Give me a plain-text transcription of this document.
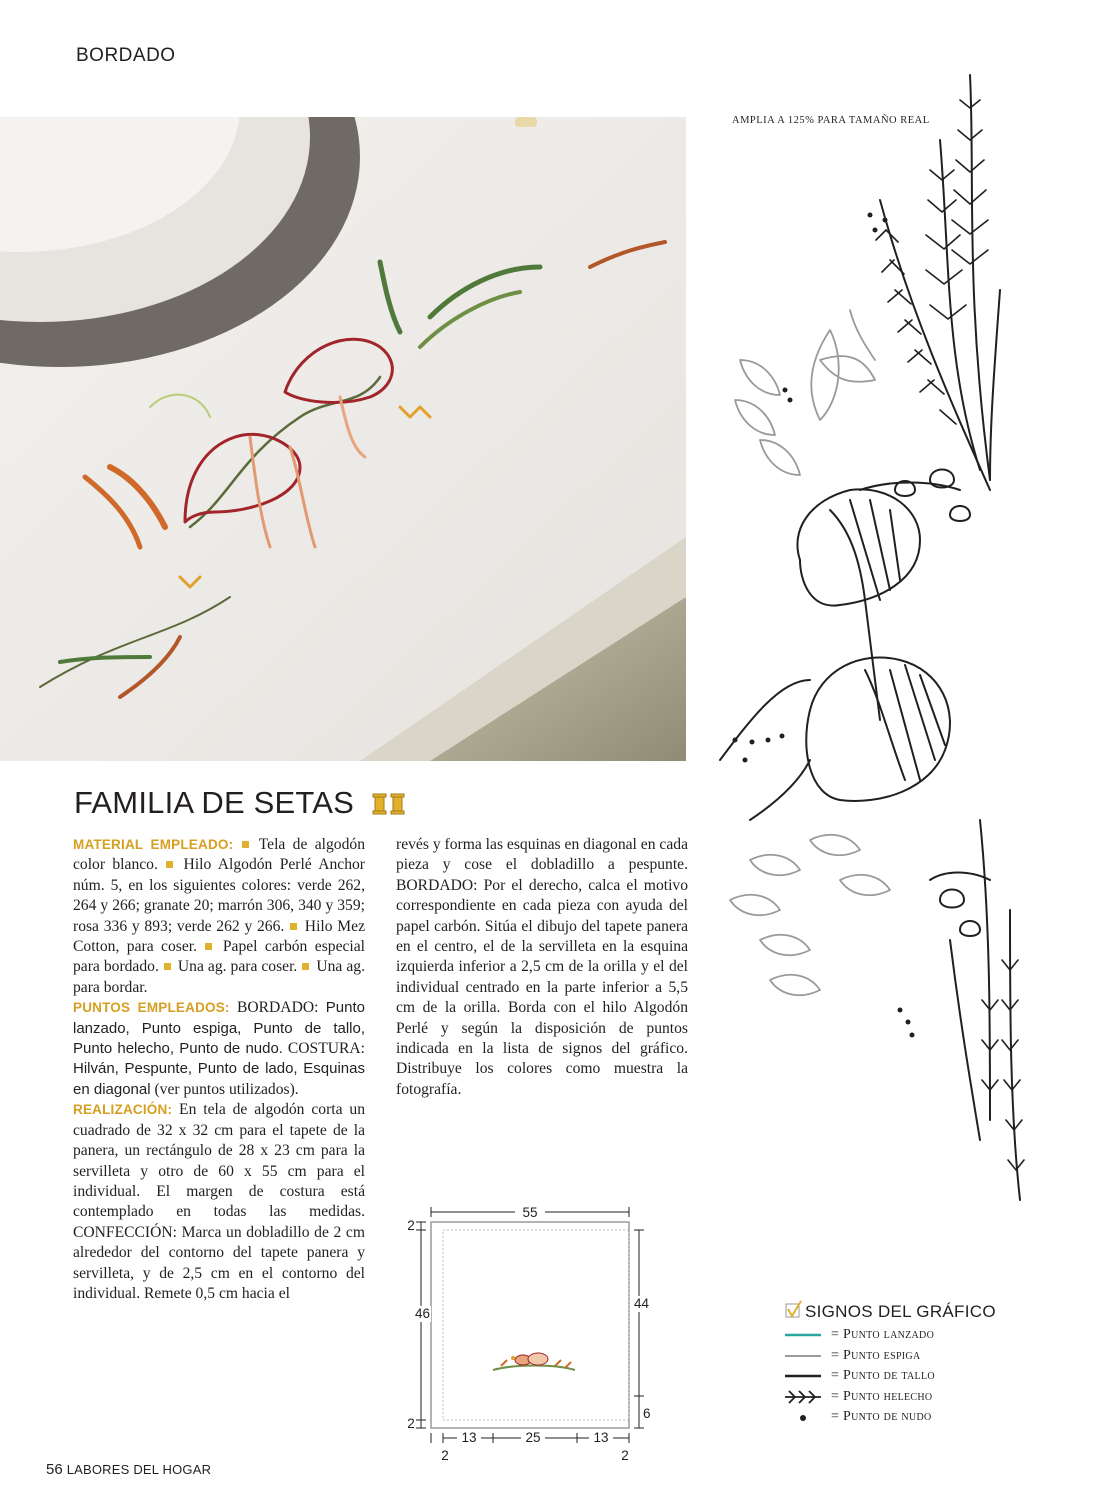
BORDADO
AMPLIA A 125% PARA TAMAÑO REAL
FAMILIA DE SETAS
MATERIAL EMPLEADO:  Tela de algodón color blanco.  Hilo Algodón Perlé Anchor núm. 5, en los siguientes colores: verde 262, 264 y 266; granate 20; marrón 306, 340 y 359; rosa 336 y 893; verde 262 y 266.  Hilo Mez Cotton, para coser.  Papel carbón especial para bordado.  Una ag. para coser.  Una ag. para bordar.
PUNTOS EMPLEADOS: BORDADO: Punto lanzado, Punto espiga, Punto de tallo, Punto helecho, Punto de nudo. COSTURA: Hilván, Pespunte, Punto de lado, Esquinas en diagonal (ver puntos utilizados).
REALIZACIÓN: En tela de algodón corta un cuadrado de 32 x 32 cm para el tapete de la panera, un rectángulo de 28 x 23 cm para la servilleta y otro de 60 x 55 cm para el individual. El margen de costura está contemplado en todas las medidas. CONFECCIÓN: Marca un dobladillo de 2 cm alrededor del contorno del tapete panera y servilleta, y de 2,5 cm en el contorno del individual. Remete 0,5 cm hacia el
revés y forma las esquinas en diagonal en cada pieza y cose el dobladillo a pespunte. BORDADO: Por el derecho, calca el motivo correspondiente en cada pieza con ayuda del papel carbón. Sitúa el dibujo del tapete panera en el centro, el de la servilleta en la esquina izquierda inferior a 2,5 cm de la orilla y el del individual centrado en la parte inferior a 5,5 cm de la orilla. Borda con el hilo Algodón Perlé y según la disposición de puntos indicada en la lista de signos del gráfico. Distribuye los colores como muestra la fotografía.
55
2
46
2
44
6
13	25	13
2	2
SIGNOS DEL GRÁFICO
= Punto lanzado
= Punto espiga
= Punto de tallo
= Punto helecho
= Punto de nudo
56 LABORES DEL HOGAR
